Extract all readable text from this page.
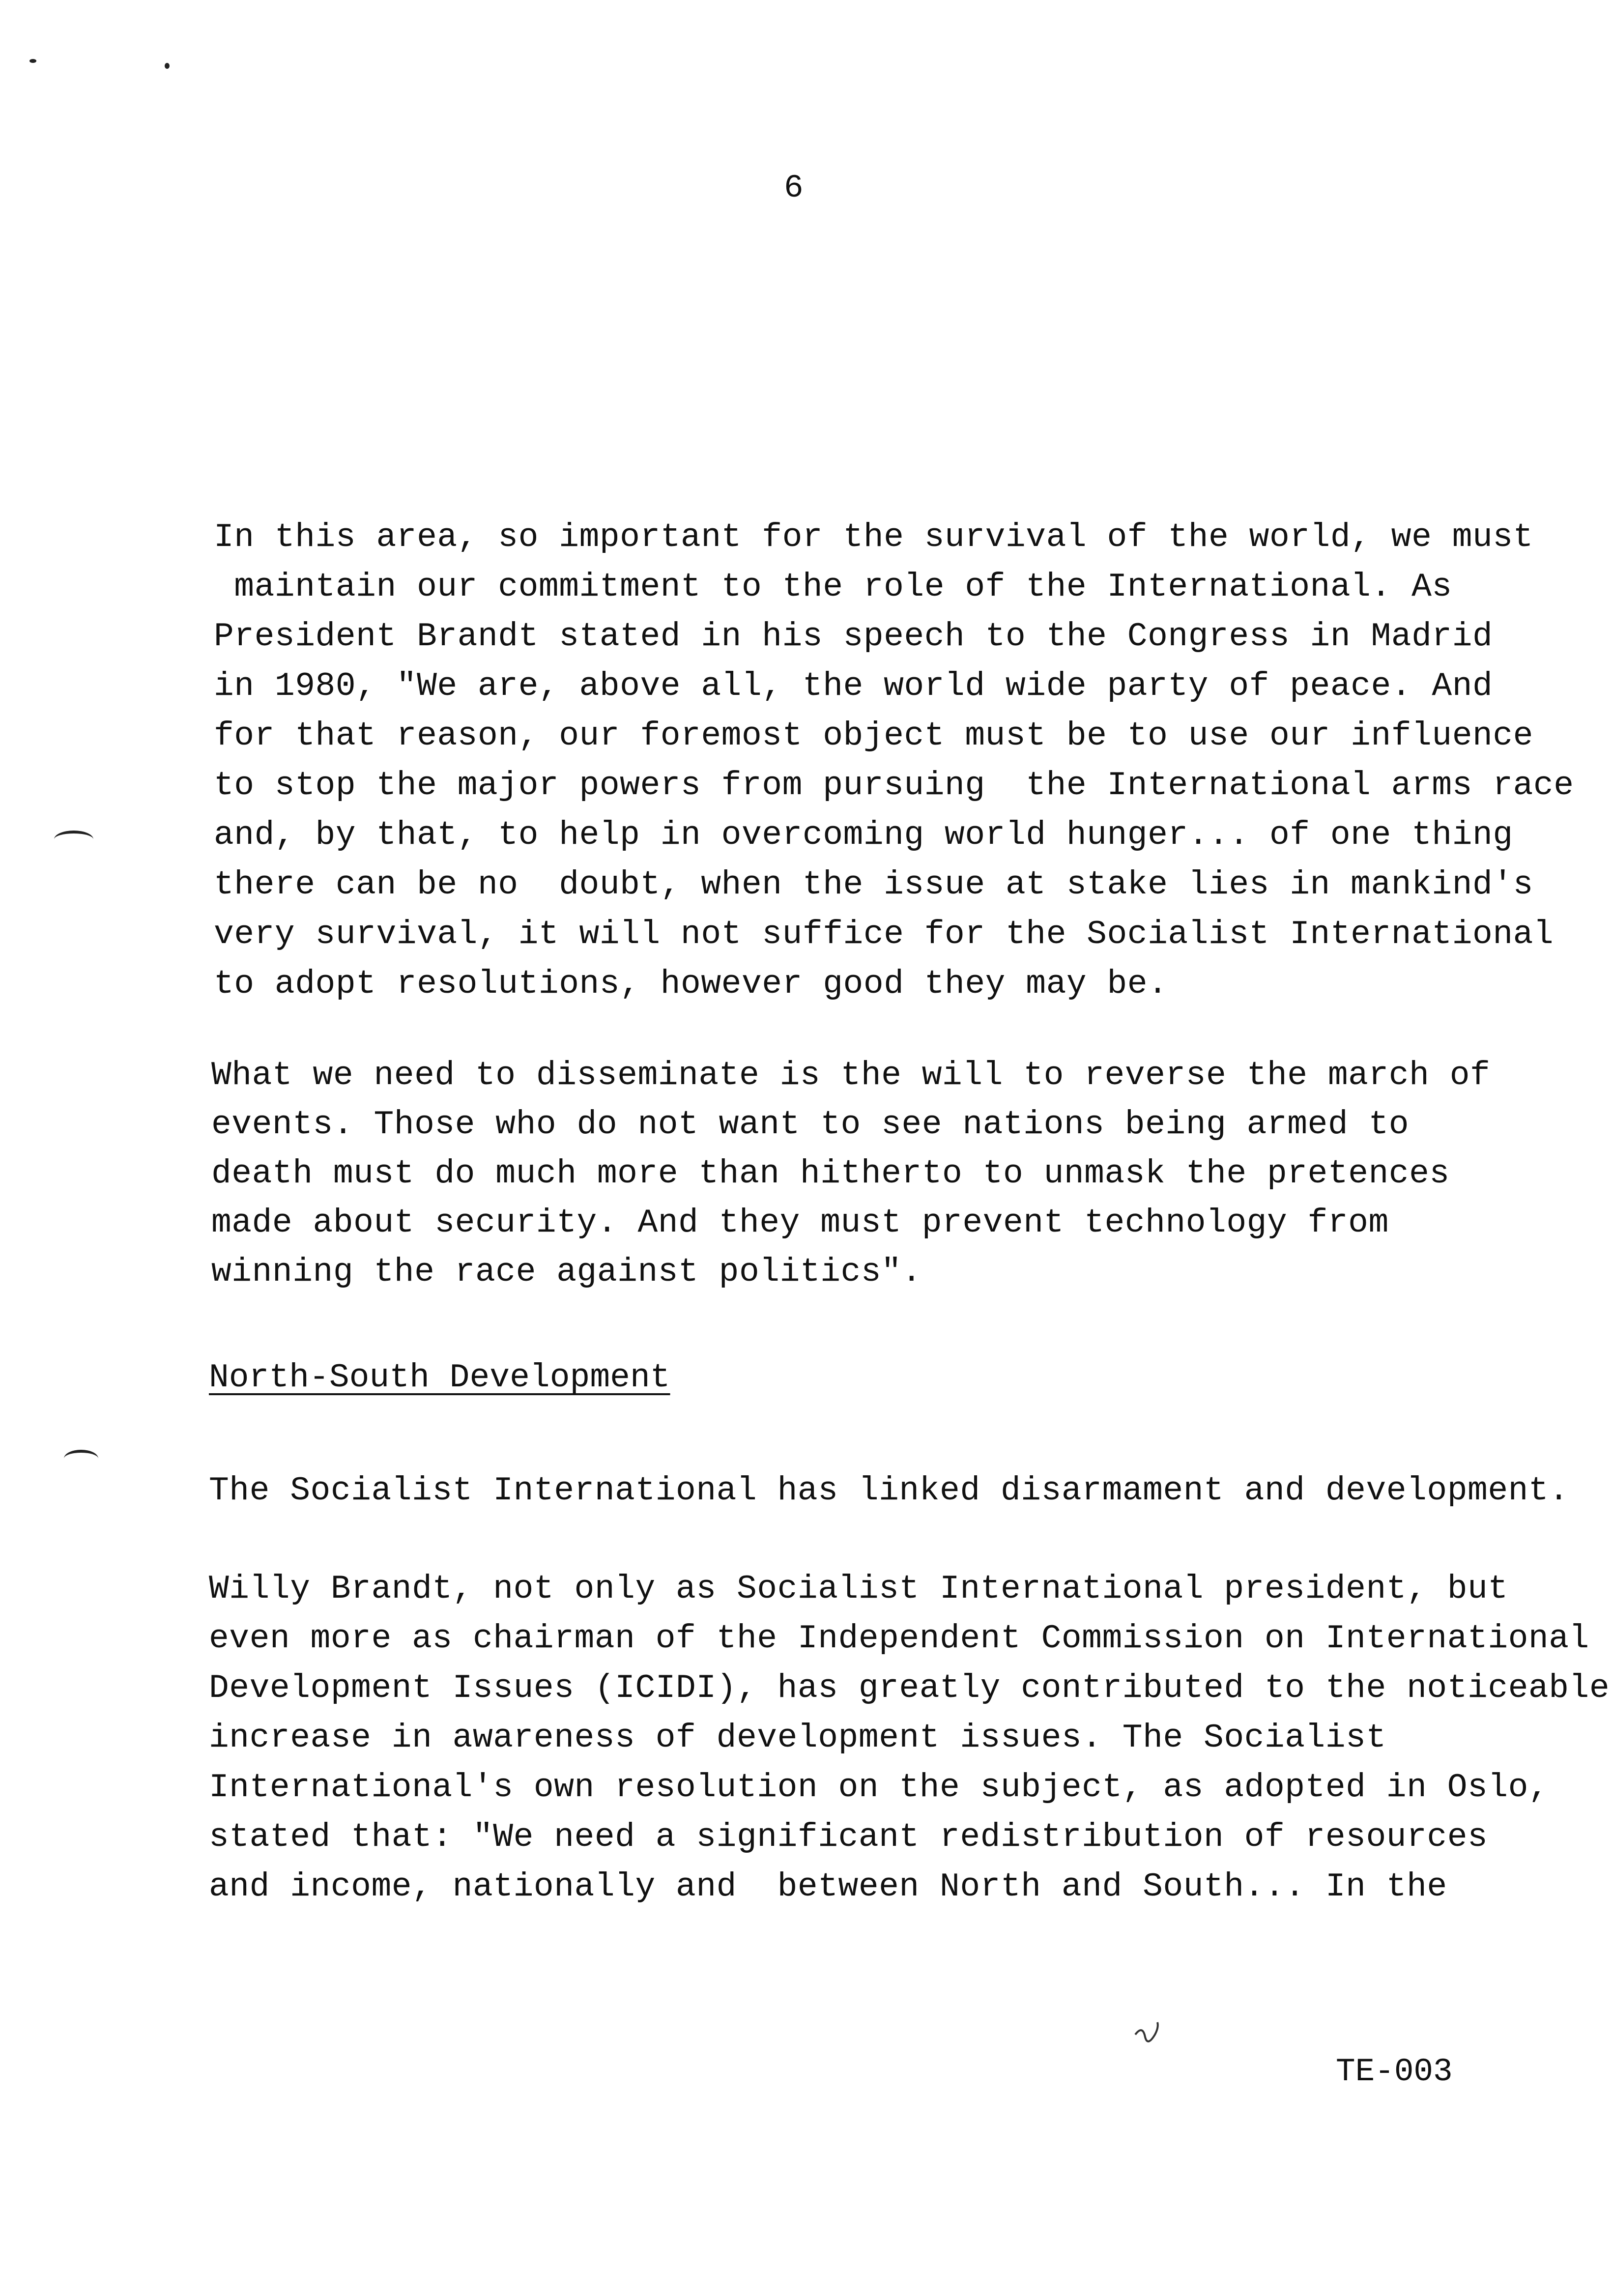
6
In this area, so important for the survival of the world, we must
maintain our commitment to the role of the International. As
President Brandt stated in his speech to the Congress in Madrid
in 1980, "We are, above all, the world wide party of peace. And
for that reason, our foremost object must be to use our influence
to stop the major powers from pursuing  the International arms race
and, by that, to help in overcoming world hunger... of one thing
there can be no  doubt, when the issue at stake lies in mankind's
very survival, it will not suffice for the Socialist International
to adopt resolutions, however good they may be.
What we need to disseminate is the will to reverse the march of
events. Those who do not want to see nations being armed to
death must do much more than hitherto to unmask the pretences
made about security. And they must prevent technology from
winning the race against politics".
North-South Development
The Socialist International has linked disarmament and development.
Willy Brandt, not only as Socialist International president, but
even more as chairman of the Independent Commission on International
Development Issues (ICIDI), has greatly contributed to the noticeable
increase in awareness of development issues. The Socialist
International's own resolution on the subject, as adopted in Oslo,
stated that: "We need a significant redistribution of resources
and income, nationally and  between North and South... In the
TE-003
